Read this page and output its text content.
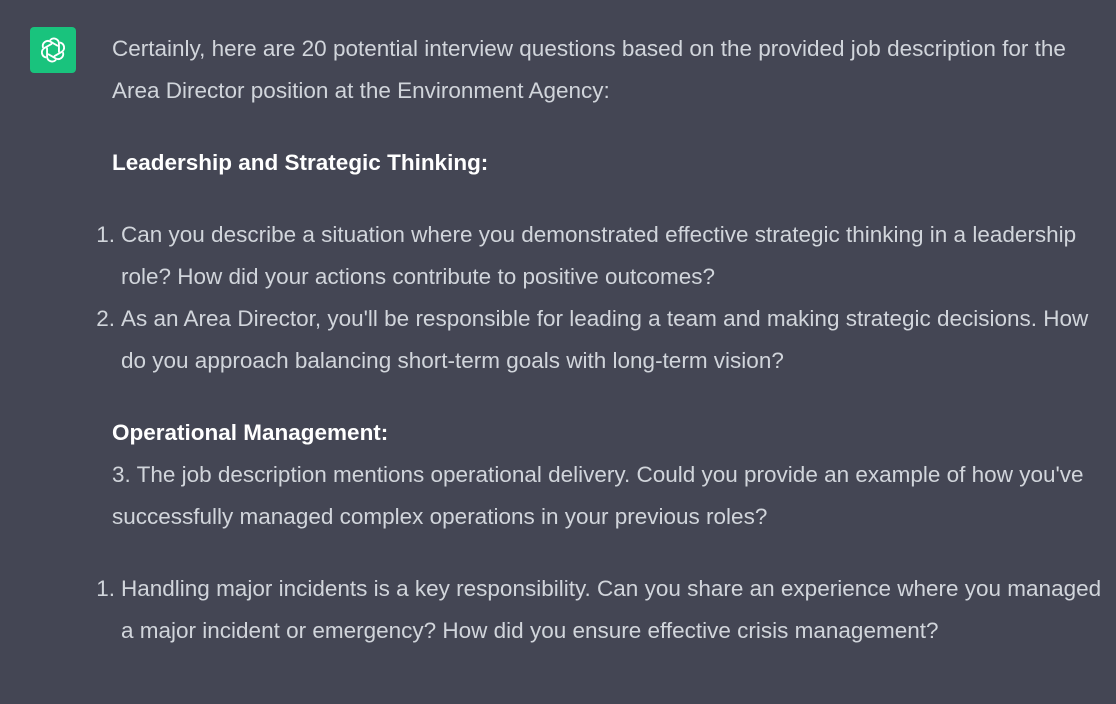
Certainly, here are 20 potential interview questions based on the provided job description for the Area Director position at the Environment Agency:

Leadership and Strategic Thinking:

1. Can you describe a situation where you demonstrated effective strategic thinking in a leadership role? How did your actions contribute to positive outcomes?
2. As an Area Director, you'll be responsible for leading a team and making strategic decisions. How do you approach balancing short-term goals with long-term vision?

Operational Management:

3. The job description mentions operational delivery. Could you provide an example of how you've successfully managed complex operations in your previous roles?

1. Handling major incidents is a key responsibility. Can you share an experience where you managed a major incident or emergency? How did you ensure effective crisis management?
